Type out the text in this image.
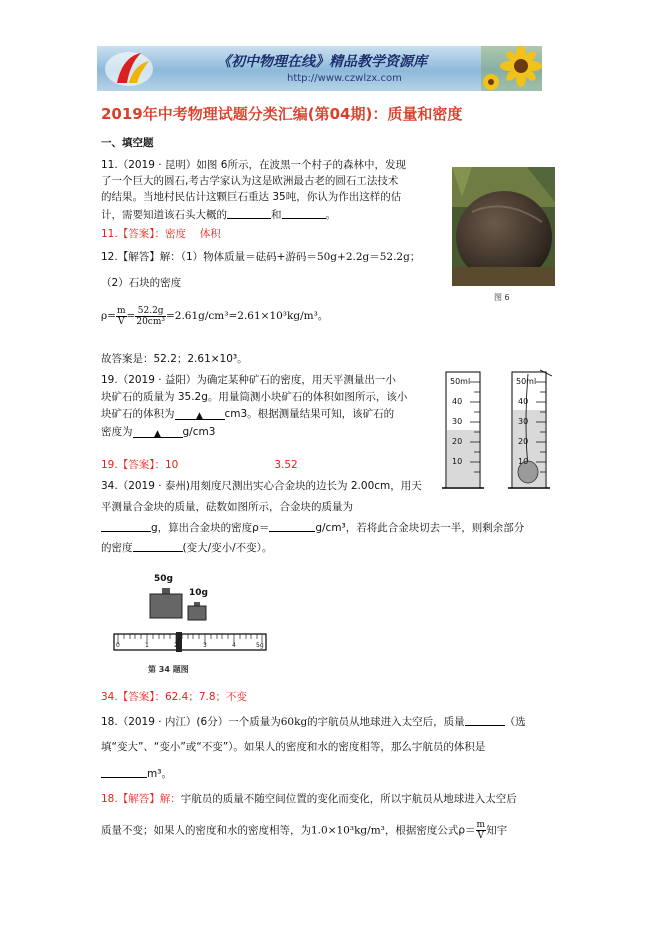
《初中物理在线》精品教学资源库
http://www.czwlzx.com
2019年中考物理试题分类汇编(第04期)：质量和密度
一、填空题
11.（2019 · 昆明）如图 6所示，在波黑一个村子的森林中，发现
了一个巨大的圆石,考古学家认为这是欧洲最古老的圆石工法技术
的结果。当地村民估计这颗巨石重达 35吨，你认为作出这样的估
计，需要知道该石头大概的	和	。
11.【答案】：密度　 体积
图 6
12.【解答】解：（1）物体质量＝砝码+游码＝50g+2.2g＝52.2g；
（2）石块的密度
$\rho= \frac{m}{V} = \frac{52.2g}{\text{20cm³}} =2.61g/cm^3=2.61\times 10^3kg/m^3$。
故答案是：52.2；2.61×10³。
19.（2019 · 益阳）为确定某种矿石的密度，用天平测量出一小
块矿石的质量为 35.2g。用量筒测小块矿石的体积如图所示，该小
块矿石的体积为 ▲ cm3。根据测量结果可知，该矿石的
密度为 ▲ g/cm3
19.【答案】：10	3.52
50ml
40
30
20
10
50ml
40
30
20
10
34.（2019 · 泰州)用刻度尺测出实心合金块的边长为 2.00cm，用天
平测量合金块的质量，砝数如图所示，合金块的质量为
g，算出合金块的密度ρ＝	g/cm³，若将此合金块切去一半，则剩余部分
的密度	(变大/变小/不变）。
50g
10g
0	1	2	3	4	5g
第 34 题图
34.【答案】：62.4；7.8；不变
18.（2019 · 内江）(6分）一个质量为60kg的宇航员从地球进入太空后，质量	（选
填“变大”、“变小”或“不变”）。如果人的密度和水的密度相等，那么宇航员的体积是
m³。
18.【解答】解：宇航员的质量不随空间位置的变化而变化，所以宇航员从地球进入太空后
质量不变；如果人的密度和水的密度相等，为1.0×10³kg/m³，根据密度公式$\rho= \frac{m}{V}$ 知宇
